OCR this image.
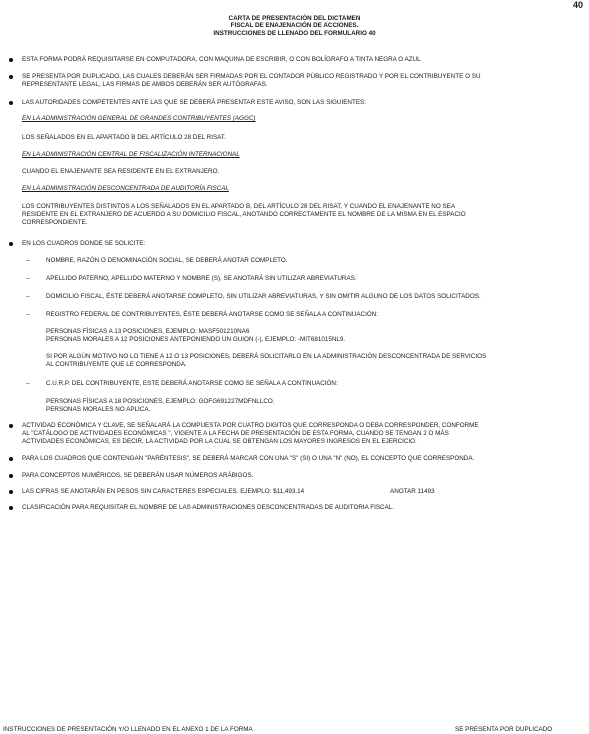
40
CARTA DE PRESENTACIÓN DEL DICTAMEN
FISCAL DE ENAJENACIÓN DE ACCIONES.
INSTRUCCIONES DE LLENADO DEL FORMULARIO 40
ESTA FORMA PODRÁ REQUISITARSE EN COMPUTADORA, CON MAQUINA DE ESCRIBIR, O CON BOLÍGRAFO A TINTA NEGRA O AZUL
SE PRESENTA POR DUPLICADO, LAS CUALES DEBERÁN SER FIRMADAS POR EL CONTADOR PÚBLICO REGISTRADO Y POR EL CONTRIBUYENTE O SU
REPRESENTANTE LEGAL, LAS FIRMAS DE AMBOS DEBERÁN SER AUTÓGRAFAS.
LAS AUTORIDADES COMPETENTES ANTE LAS QUE SE DEBERÁ PRESENTAR ESTE AVISO, SON LAS SIGUIENTES:
EN LA ADMINISTRACIÓN GENERAL DE GRANDES CONTRIBUYENTES (AGGC)
LOS SEÑALADOS EN EL APARTADO B DEL ARTÍCULO 28 DEL RISAT.
EN LA ADMINISTRACIÓN CENTRAL DE FISCALIZACIÓN INTERNACIONAL
CUANDO EL ENAJENANTE SEA RESIDENTE EN EL EXTRANJERO.
EN LA ADMINISTRACIÓN DESCONCENTRADA DE AUDITORÍA FISCAL
LOS CONTRIBUYENTES DISTINTOS A LOS SEÑALADOS EN EL APARTADO B, DEL ARTÍCULO 28 DEL RISAT, Y CUANDO EL ENAJENANTE NO SEA
RESIDENTE EN EL EXTRANJERO DE ACUERDO A SU DOMICILIO FISCAL, ANOTANDO CORRECTAMENTE EL NOMBRE DE LA MISMA EN EL ESPACIO
CORRESPONDIENTE.
EN LOS CUADROS DONDE SE SOLICITE:
–	NOMBRE, RAZÓN O DENOMINACIÓN SOCIAL, SE DEBERÁ ANOTAR COMPLETO.
–	APELLIDO PATERNO, APELLIDO MATERNO Y NOMBRE (S), SE ANOTARÁ SIN UTILIZAR ABREVIATURAS.
–	DOMICILIO FISCAL, ÉSTE DEBERÁ ANOTARSE COMPLETO, SIN UTILIZAR ABREVIATURAS, Y SIN OMITIR ALGUNO DE LOS DATOS SOLICITADOS.
–	REGISTRO FEDERAL DE CONTRIBUYENTES, ÉSTE DEBERÁ ANOTARSE COMO SE SEÑALA A CONTINUACIÓN:
PERSONAS FÍSICAS A 13 POSICIONES, EJEMPLO: MASF501210NA6
PERSONAS MORALES A 12 POSICIONES ANTEPONIENDO UN GUION (-), EJEMPLO: -MIT681015NL9.
SI POR ALGÚN MOTIVO NO LO TIENE A 12 O 13 POSICIONES, DEBERÁ SOLICITARLO EN LA ADMINISTRACIÓN DESCONCENTRADA DE SERVICIOS
AL CONTRIBUYENTE QUE LE CORRESPONDA.
–	C.U.R.P. DEL CONTRIBUYENTE, ESTE DEBERÁ ANOTARSE COMO SE SEÑALA A CONTINUACIÓN:
PERSONAS FÍSICAS A 18 POSICIONES, EJEMPLO: GOFG691227MDFNLLCO.
PERSONAS MORALES NO APLICA.
ACTIVIDAD ECONÓMICA Y CLAVE, SE SEÑALARÁ LA COMPUESTA POR CUATRO DIGITOS QUE CORRESPONDA O DEBA CORRESPONDER, CONFORME
AL "CATÁLOGO DE ACTIVIDADES ECONÓMICAS ", VIGENTE A LA FECHA DE PRESENTACIÓN DE ESTA FORMA, CUANDO SE TENGAN 2 O MÁS
ACTIVIDADES ECONÓMICAS, ES DECIR, LA ACTIVIDAD POR LA CUAL SE OBTENGAN LOS MAYORES INGRESOS EN EL EJERCICIO.
PARA LOS CUADROS QUE CONTENGAN "PARÉNTESIS", SE DEBERÁ MARCAR CON UNA "S" (SI) O UNA "N" (NO), EL CONCEPTO QUE CORRESPONDA.
PARA CONCEPTOS NUMÉRICOS, SE DEBERÁN USAR NÚMEROS ARÁBIGOS.
LAS CIFRAS SE ANOTARÁN EN PESOS SIN CARACTERES ESPECIALES. EJEMPLO: $11,493.14	ANOTAR 11493
CLASIFICACIÓN PARA REQUISITAR EL NOMBRE DE LAS ADMINISTRACIONES DESCONCENTRADAS DE AUDITORIA FISCAL.
INSTRUCCIONES DE PRESENTACIÓN Y/O LLENADO EN EL ANEXO 1 DE LA FORMA	SE PRESENTA POR DUPLICADO
